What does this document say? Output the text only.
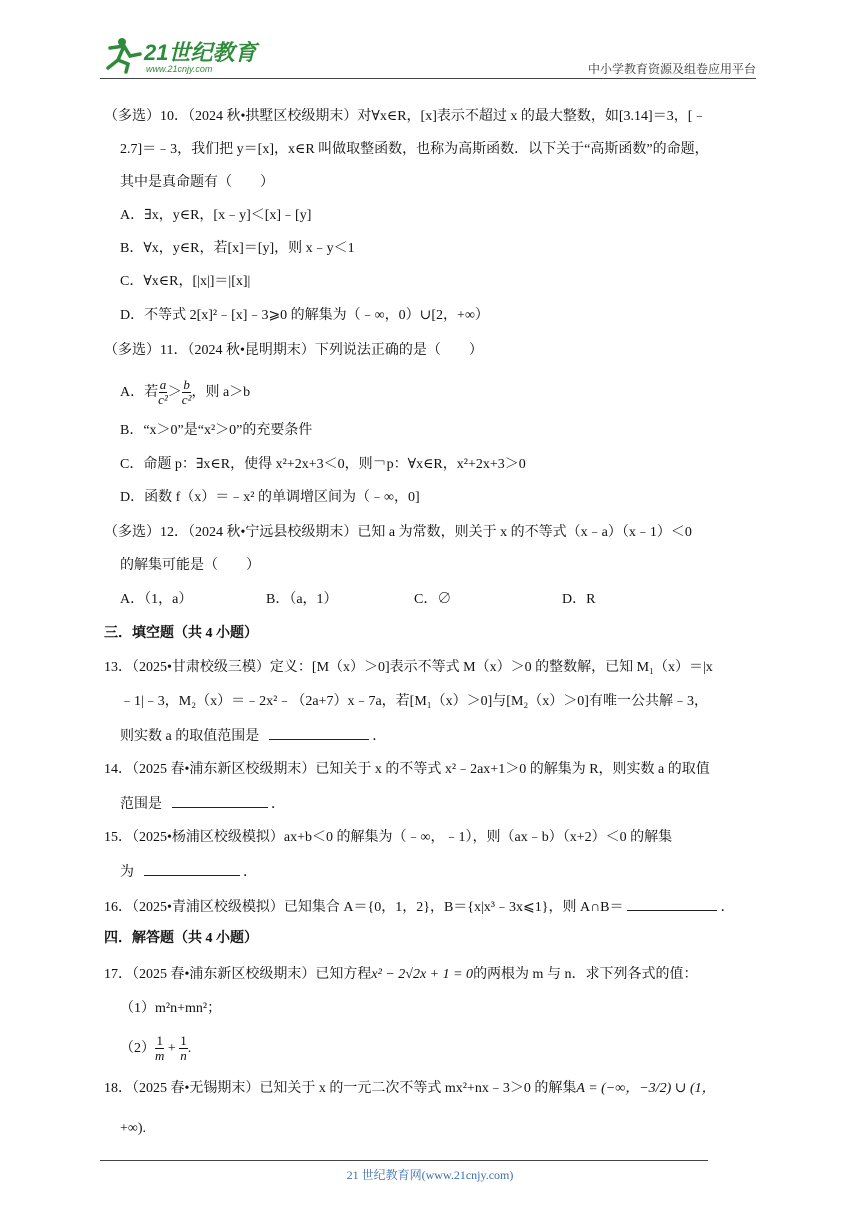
21世纪教育
www.21cnjy.com	中小学教育资源及组卷应用平台
（多选）10．（2024 秋•拱墅区校级期末）对∀x∈R，[x]表示不超过 x 的最大整数，如[3.14]＝3，[﹣
2.7]＝﹣3，我们把 y＝[x]，x∈R 叫做取整函数，也称为高斯函数．以下关于“高斯函数”的命题，
其中是真命题有（　　）
A．∃x，y∈R，[x﹣y]＜[x]﹣[y]
B．∀x，y∈R，若[x]＝[y]，则 x﹣y＜1
C．∀x∈R，[|x|]＝|[x]|
D．不等式 2[x]²﹣[x]﹣3⩾0 的解集为（﹣∞，0）∪[2，+∞）
（多选）11．（2024 秋•昆明期末）下列说法正确的是（　　）
A．若 $\frac{a}{\text{c²}} > \frac{b}{\text{c²}}$ ，则 a＞b
B．“x＞0”是“x²＞0”的充要条件
C．命题 p：∃x∈R，使得 x²+2x+3＜0，则￢p：∀x∈R，x²+2x+3＞0
D．函数 f（x）＝﹣x² 的单调增区间为（﹣∞，0]
（多选）12．（2024 秋•宁远县校级期末）已知 a 为常数，则关于 x 的不等式（x﹣a）（x﹣1）＜0
的解集可能是（　　）
A．（1，a）	B．（a，1）	C．∅	D．R
三．填空题（共 4 小题）
13．（2025•甘肃校级三模）定义：[M（x）＞0]表示不等式 M（x）＞0 的整数解，已知 M₁（x）＝|x
﹣1|﹣3，M₂（x）＝﹣2x²﹣（2a+7）x﹣7a，若[M₁（x）＞0]与[M₂（x）＞0]有唯一公共解﹣3，
则实数 a 的取值范围是	．
14．（2025 春•浦东新区校级期末）已知关于 x 的不等式 x²﹣2ax+1＞0 的解集为 R，则实数 a 的取值
范围是	．
15．（2025•杨浦区校级模拟）ax+b＜0 的解集为（﹣∞，﹣1），则（ax﹣b）（x+2）＜0 的解集
为	．
16．（2025•青浦区校级模拟）已知集合 A＝{0，1，2}，B＝{x|x³﹣3x⩽1}，则 A∩B＝	．
四．解答题（共 4 小题）
17．（2025 春•浦东新区校级期末）已知方程x² − 2√2x + 1 = 0的两根为 m 与 n．求下列各式的值：
（1）m²n+mn²；
$(2) \frac{1}{m} + \frac{1}{n}$ .
18．（2025 春•无锡期末）已知关于 x 的一元二次不等式 mx²+nx﹣3＞0 的解集A = (−∞，−3/2) ∪ (1，
+∞).
21 世纪教育网(www.21cnjy.com)
